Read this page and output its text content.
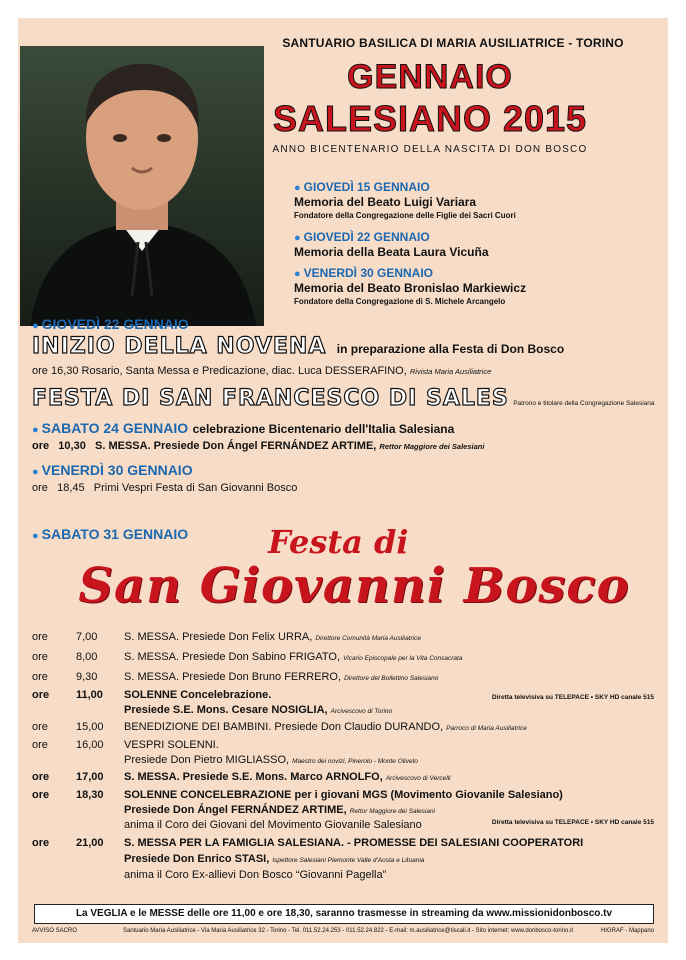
SANTUARIO BASILICA DI MARIA AUSILIATRICE - TORINO
GENNAIO
SALESIANO 2015
ANNO BICENTENARIO DELLA NASCITA DI DON BOSCO
● GIOVEDÌ 15 GENNAIO
Memoria del Beato Luigi Variara
Fondatore della Congregazione delle Figlie dei Sacri Cuori
● GIOVEDÌ 22 GENNAIO
Memoria della Beata Laura Vicuña
● VENERDÌ 30 GENNAIO
Memoria del Beato Bronislao Markiewicz
Fondatore della Congregazione di S. Michele Arcangelo
● GIOVEDÌ 22 GENNAIO
INIZIO DELLA NOVENA in preparazione alla Festa di Don Bosco
ore 16,30 Rosario, Santa Messa e Predicazione, diac. Luca DESSERAFINO, Rivista Maria Ausiliatrice
FESTA DI SAN FRANCESCO DI SALES Patrono e titolare della Congregazione Salesiana
● SABATO 24 GENNAIO celebrazione Bicentenario dell'Italia Salesiana
ore 10,30 S. MESSA. Presiede Don Ángel FERNÁNDEZ ARTIME, Rettor Maggiore dei Salesiani
● VENERDÌ 30 GENNAIO
ore 18,45 Primi Vespri Festa di San Giovanni Bosco
● SABATO 31 GENNAIO Festa di
San Giovanni Bosco
ore	7,00	S. MESSA. Presiede Don Felix URRA, Direttore Comunità Maria Ausiliatrice
ore	8,00	S. MESSA. Presiede Don Sabino FRIGATO, Vicario Episcopale per la Vita Consacrata
ore	9,30	S. MESSA. Presiede Don Bruno FERRERO, Direttore del Bollettino Salesiano
ore	11,00	SOLENNE Concelebrazione.
Presiede S.E. Mons. Cesare NOSIGLIA, Arcivescovo di Torino
ore	15,00	BENEDIZIONE DEI BAMBINI. Presiede Don Claudio DURANDO, Parroco di Maria Ausiliatrice
ore	16,00	VESPRI SOLENNI.
Presiede Don Pietro MIGLIASSO, Maestro dei novizi, Pinerolo - Monte Oliveto
ore	17,00	S. MESSA. Presiede S.E. Mons. Marco ARNOLFO, Arcivescovo di Vercelli
ore	18,30	SOLENNE CONCELEBRAZIONE per i giovani MGS (Movimento Giovanile Salesiano)
Presiede Don Ángel FERNÁNDEZ ARTIME, Rettor Maggiore dei Salesiani
anima il Coro dei Giovani del Movimento Giovanile Salesiano
ore	21,00	S. MESSA PER LA FAMIGLIA SALESIANA. - PROMESSE DEI SALESIANI COOPERATORI
Presiede Don Enrico STASI, Ispettore Salesiani Piemonte Valle d'Aosta e Lituania
anima il Coro Ex-allievi Don Bosco “Giovanni Pagella”
Diretta televisiva su TELEPACE • SKY HD canale 515
Diretta televisiva su TELEPACE • SKY HD canale 515
La VEGLIA e le MESSE delle ore 11,00 e ore 18,30, saranno trasmesse in streaming da www.missionidonbosco.tv
AVVISO SACRO	Santuario Maria Ausiliatrice - Via Maria Ausiliatrice 32 - Torino - Tel. 011.52.24.253 - 011.52.24.822 - E-mail: m.ausiliatrice@tiscali.it - Sito internet: www.donbosco-torino.it	HIGRAF - Mappano
